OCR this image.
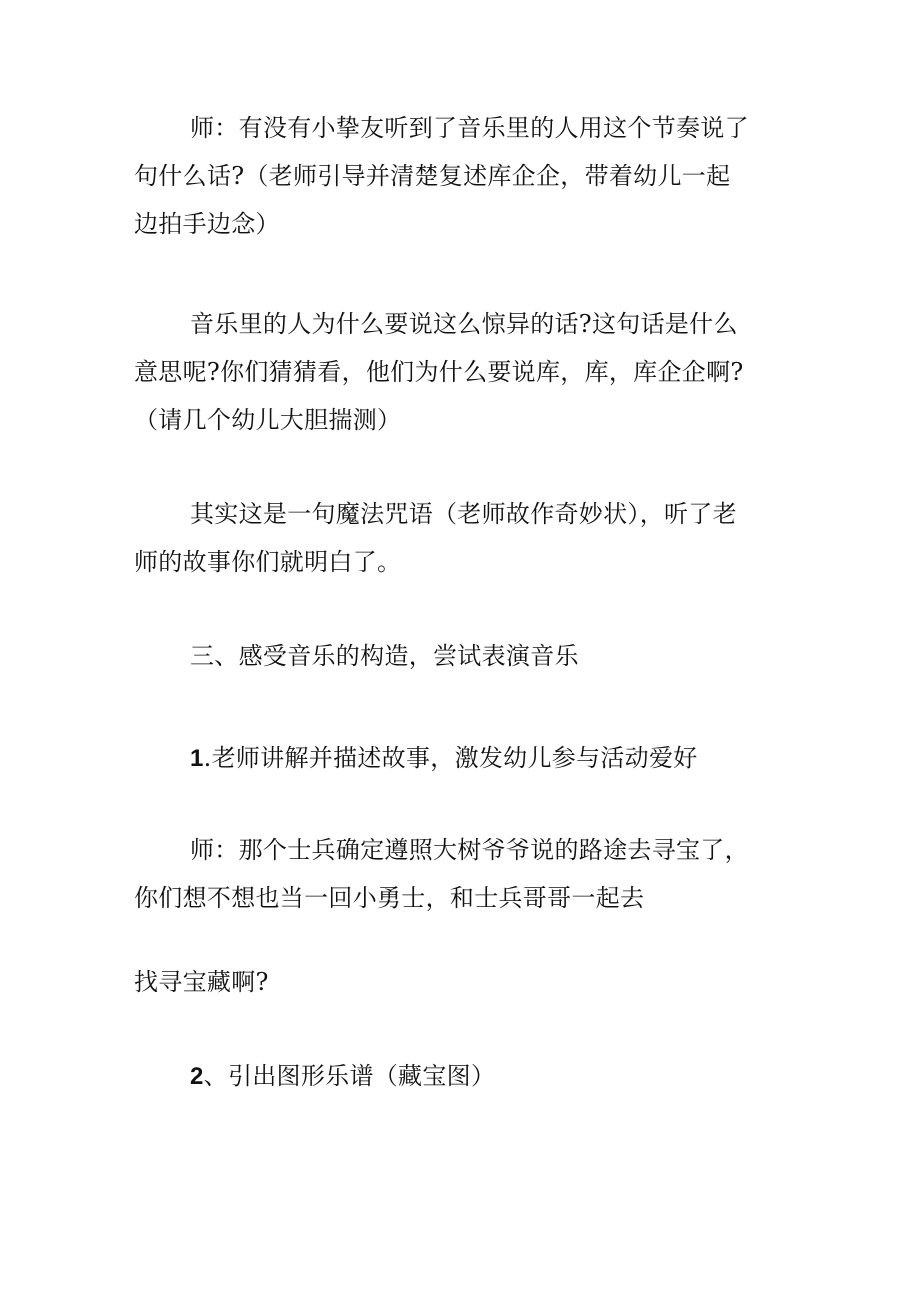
师：有没有小挚友听到了音乐里的人用这个节奏说了
句什么话?（老师引导并清楚复述库企企，带着幼儿一起
边拍手边念）

音乐里的人为什么要说这么惊异的话?这句话是什么
意思呢?你们猜猜看，他们为什么要说库，库，库企企啊?
（请几个幼儿大胆揣测）

其实这是一句魔法咒语（老师故作奇妙状），听了老
师的故事你们就明白了。

三、感受音乐的构造，尝试表演音乐

1.老师讲解并描述故事，激发幼儿参与活动爱好

师：那个士兵确定遵照大树爷爷说的路途去寻宝了，
你们想不想也当一回小勇士，和士兵哥哥一起去

找寻宝藏啊?

2、引出图形乐谱（藏宝图）
